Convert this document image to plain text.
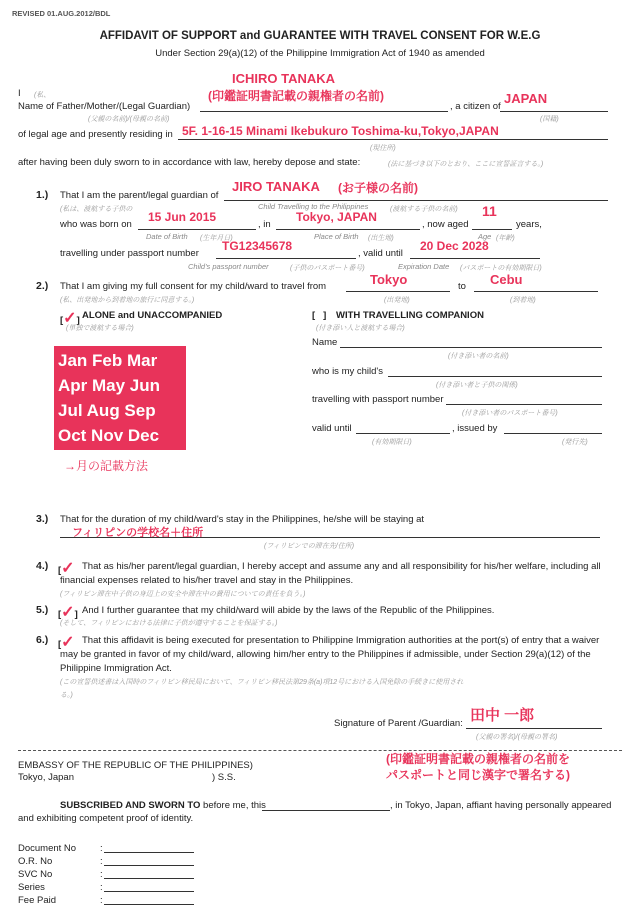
REVISED 01.AUG.2012/BDL
AFFIDAVIT OF SUPPORT and GUARANTEE WITH TRAVEL CONSENT FOR W.E.G
Under Section 29(a)(12) of the Philippine Immigration Act of 1940 as amended
ICHIRO TANAKA
(印鑑証明書記載の親権者の名前)
I (私、
Name of Father/Mother/(Legal Guardian)	, a citizen of
JAPAN
(父親の名前)/(母親の名前)	(国籍)
of legal age and presently residing in 5F. 1-16-15 Minami Ikebukuro Toshima-ku,Tokyo,JAPAN
(現住所)
after having been duly sworn to in accordance with law, hereby depose and state:	(法に基づき以下のとおり、ここに宣誓証言する。)
1.) That I am the parent/legal guardian of
JIRO TANAKA (お子様の名前)
(私は、渡航する子供の	Child Travelling to the Philippines	(渡航する子供の名前)
who was born on
15 Jun 2015
, in
Tokyo, JAPAN
, now aged
11
years,
Date of Birth (生年月日)	Place of Birth (出生地)	Age (年齢)
travelling under passport number
TG12345678
, valid until
20 Dec 2028
Child's passport number	(子供のパスポート番号)	Expiration Date (パスポートの有効期限日)
2.) That I am giving my full consent for my child/ward to travel from	Tokyo	to Cebu
(私、出発地から到着地の旅行に同意する。)	(出発地)	(到着地)
[✓] ALONE and UNACCOMPANIED
(単独で渡航する場合)
[   ] WITH TRAVELLING COMPANION
(付き添い人と渡航する場合)
Name
(付き添い者の名前)
who is my child's
(付き添い者と子供の関係)
travelling with passport number
(付き添い者のパスポート番号)
valid until	, issued by
(有効期限日)	(発行先)
Jan Feb Mar
Apr May Jun
Jul Aug Sep
Oct Nov Dec
→月の記載方法
3.) That for the duration of my child/ward's stay in the Philippines, he/she will be staying at
フィリピンの学校名＋住所
(フィリピンでの滞在先/住所)
4.) [✓ That as his/her parent/legal guardian, I hereby accept and assume any and all responsibility for his/her welfare, including all
financial expenses related to his/her travel and stay in the Philippines.
(フィリピン滞在中子供の身辺上の安全や滞在中の費用についての責任を負う。)
5.) [✓] And I further guarantee that my child/ward will abide by the laws of the Republic of the Philippines.
(そして、フィリピンにおける法律に子供が遵守することを保証する。)
6.) [✓ That this affidavit is being executed for presentation to Philippine Immigration authorities at the port(s) of entry that a waiver
may be granted in favor of my child/ward, allowing him/her entry to the Philippines if admissible, under Section 29(a)(12) of the
Philippine Immigration Act.
(この宣誓供述書は入国時のフィリピン移民局において、フィリピン移民法第29条(a)項12号における入国免除の手続きに使用され
る。)
Signature of Parent /Guardian: 田中 一郎
(父親の署名)/(母親の署名)
(印鑑証明書記載の親権者の名前を
パスポートと同じ漢字で署名する)
EMBASSY OF THE REPUBLIC OF THE PHILIPPINES)
Tokyo, Japan	) S.S.
SUBSCRIBED AND SWORN TO before me, this	, in Tokyo, Japan, affiant having personally appeared
and exhibiting competent proof of identity.
Document No	:
O.R. No	:
SVC No	:
Series	:
Fee Paid	:
